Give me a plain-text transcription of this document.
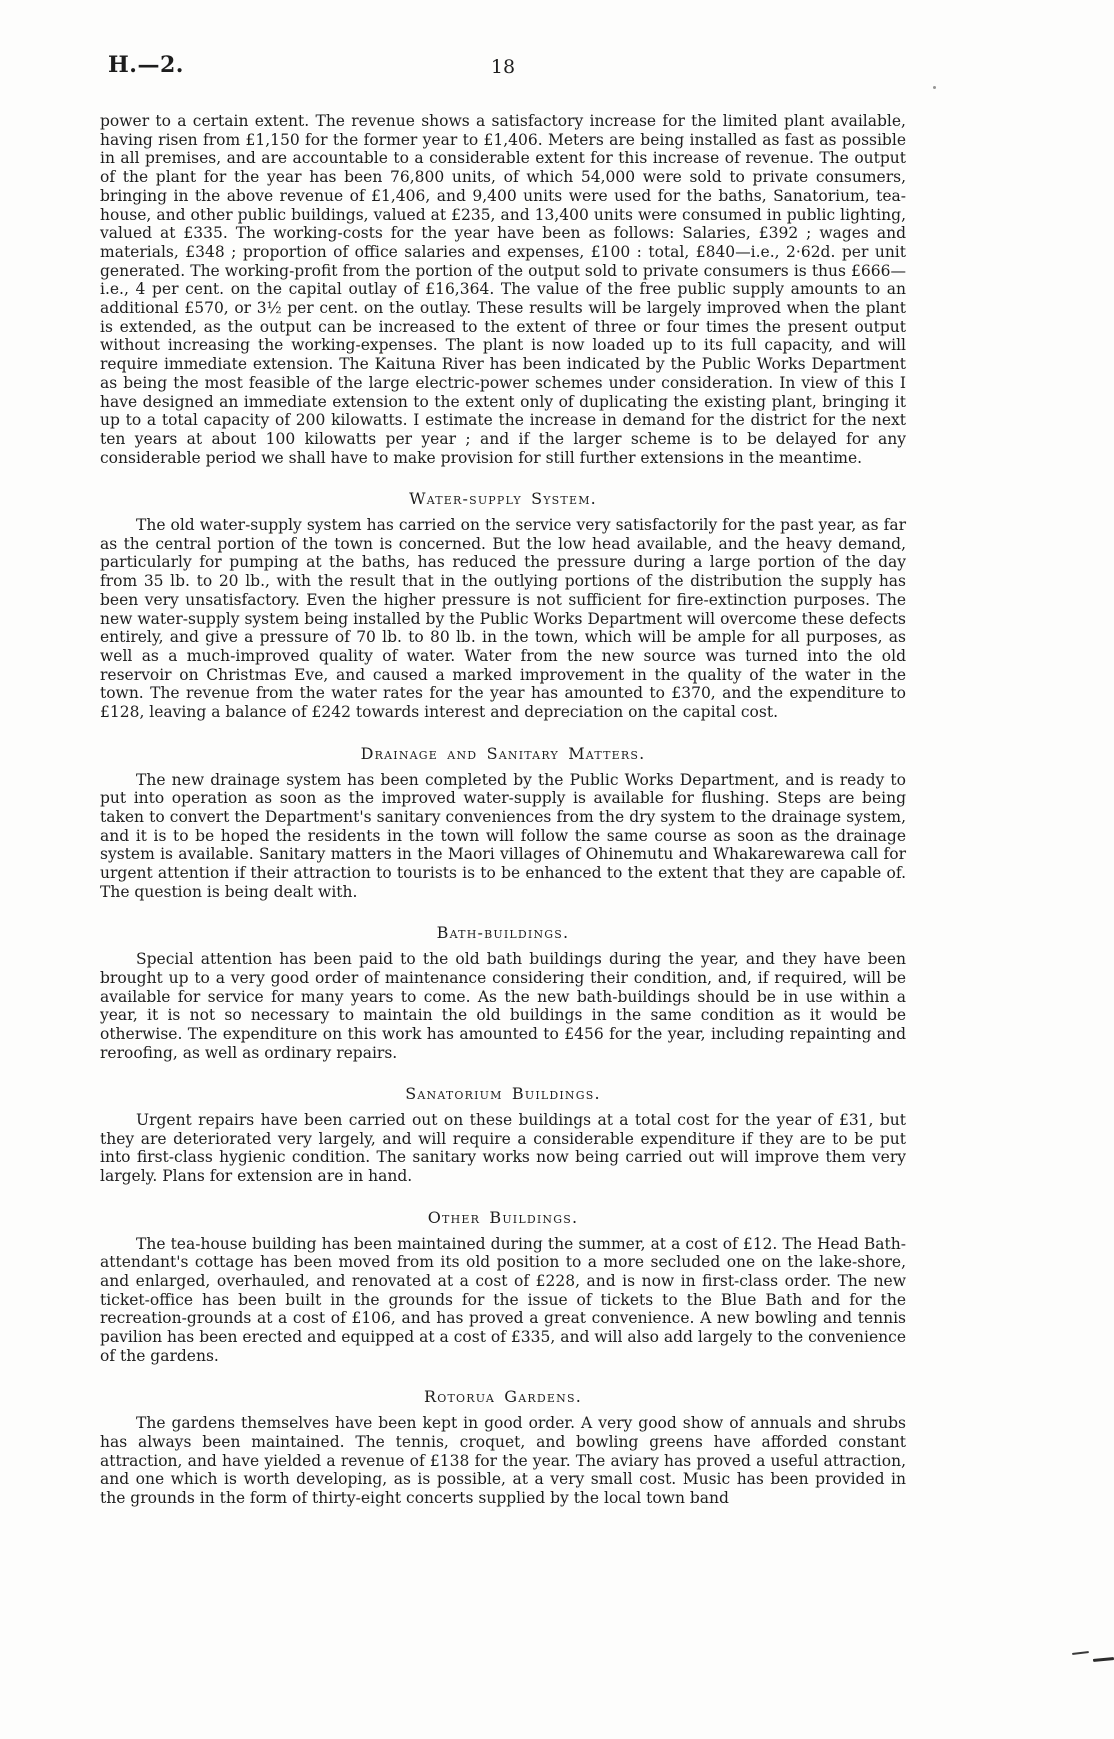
H.—2.	18

power to a certain extent. The revenue shows a satisfactory increase for the limited plant available, having risen from £1,150 for the former year to £1,406. Meters are being installed as fast as possible in all premises, and are accountable to a considerable extent for this increase of revenue. The output of the plant for the year has been 76,800 units, of which 54,000 were sold to private consumers, bringing in the above revenue of £1,406, and 9,400 units were used for the baths, Sanatorium, tea-house, and other public buildings, valued at £235, and 13,400 units were consumed in public lighting, valued at £335. The working-costs for the year have been as follows: Salaries, £392 ; wages and materials, £348 ; proportion of office salaries and expenses, £100 : total, £840—i.e., 2·62d. per unit generated. The working-profit from the portion of the output sold to private consumers is thus £666—i.e., 4 per cent. on the capital outlay of £16,364. The value of the free public supply amounts to an additional £570, or 3½ per cent. on the outlay. These results will be largely improved when the plant is extended, as the output can be increased to the extent of three or four times the present output without increasing the working-expenses. The plant is now loaded up to its full capacity, and will require immediate extension. The Kaituna River has been indicated by the Public Works Department as being the most feasible of the large electric-power schemes under consideration. In view of this I have designed an immediate extension to the extent only of duplicating the existing plant, bringing it up to a total capacity of 200 kilowatts. I estimate the increase in demand for the district for the next ten years at about 100 kilowatts per year ; and if the larger scheme is to be delayed for any considerable period we shall have to make provision for still further extensions in the meantime.

Water-supply System.

The old water-supply system has carried on the service very satisfactorily for the past year, as far as the central portion of the town is concerned. But the low head available, and the heavy demand, particularly for pumping at the baths, has reduced the pressure during a large portion of the day from 35 lb. to 20 lb., with the result that in the outlying portions of the distribution the supply has been very unsatisfactory. Even the higher pressure is not sufficient for fire-extinction purposes. The new water-supply system being installed by the Public Works Department will overcome these defects entirely, and give a pressure of 70 lb. to 80 lb. in the town, which will be ample for all purposes, as well as a much-improved quality of water. Water from the new source was turned into the old reservoir on Christmas Eve, and caused a marked improvement in the quality of the water in the town. The revenue from the water rates for the year has amounted to £370, and the expenditure to £128, leaving a balance of £242 towards interest and depreciation on the capital cost.

Drainage and Sanitary Matters.

The new drainage system has been completed by the Public Works Department, and is ready to put into operation as soon as the improved water-supply is available for flushing. Steps are being taken to convert the Department's sanitary conveniences from the dry system to the drainage system, and it is to be hoped the residents in the town will follow the same course as soon as the drainage system is available. Sanitary matters in the Maori villages of Ohinemutu and Whakarewarewa call for urgent attention if their attraction to tourists is to be enhanced to the extent that they are capable of. The question is being dealt with.

Bath-buildings.

Special attention has been paid to the old bath buildings during the year, and they have been brought up to a very good order of maintenance considering their condition, and, if required, will be available for service for many years to come. As the new bath-buildings should be in use within a year, it is not so necessary to maintain the old buildings in the same condition as it would be otherwise. The expenditure on this work has amounted to £456 for the year, including repainting and reroofing, as well as ordinary repairs.

Sanatorium Buildings.

Urgent repairs have been carried out on these buildings at a total cost for the year of £31, but they are deteriorated very largely, and will require a considerable expenditure if they are to be put into first-class hygienic condition. The sanitary works now being carried out will improve them very largely. Plans for extension are in hand.

Other Buildings.

The tea-house building has been maintained during the summer, at a cost of £12. The Head Bath-attendant's cottage has been moved from its old position to a more secluded one on the lake-shore, and enlarged, overhauled, and renovated at a cost of £228, and is now in first-class order. The new ticket-office has been built in the grounds for the issue of tickets to the Blue Bath and for the recreation-grounds at a cost of £106, and has proved a great convenience. A new bowling and tennis pavilion has been erected and equipped at a cost of £335, and will also add largely to the convenience of the gardens.

Rotorua Gardens.

The gardens themselves have been kept in good order. A very good show of annuals and shrubs has always been maintained. The tennis, croquet, and bowling greens have afforded constant attraction, and have yielded a revenue of £138 for the year. The aviary has proved a useful attraction, and one which is worth developing, as is possible, at a very small cost. Music has been provided in the grounds in the form of thirty-eight concerts supplied by the local town band
